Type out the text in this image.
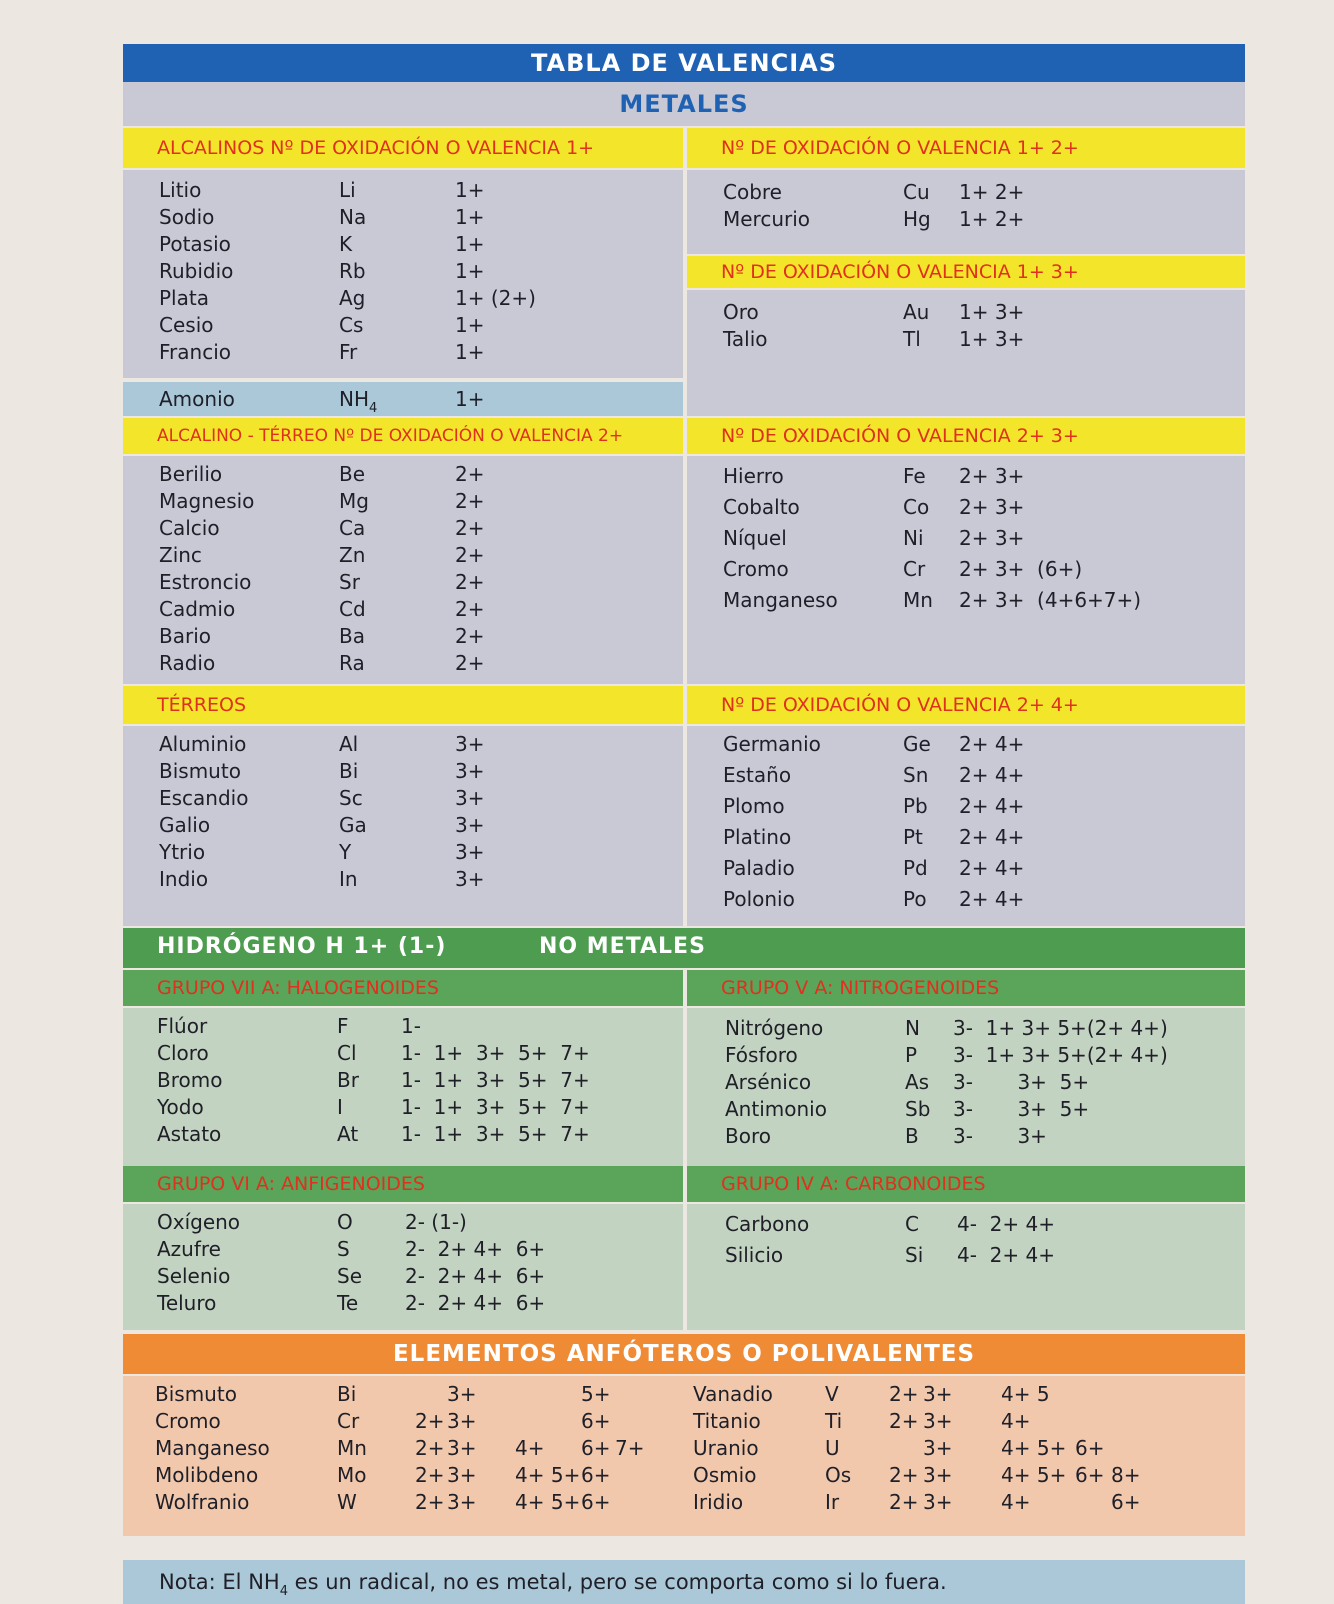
TABLA DE VALENCIAS
METALES
ALCALINOS Nº DE OXIDACIÓN O VALENCIA 1+
Litio	Li	1+
Sodio	Na	1+
Potasio	K	1+
Rubidio	Rb	1+
Plata	Ag	1+ (2+)
Cesio	Cs	1+
Francio	Fr	1+
Amonio	$NH_4$	1+
Nº DE OXIDACIÓN O VALENCIA 1+ 2+
Cobre	Cu 1+ 2+
Mercurio	Hg 1+ 2+
Nº DE OXIDACIÓN O VALENCIA 1+ 3+
Oro	Au 1+ 3+
Talio	Tl 1+ 3+
ALCALINO - TÉRREO Nº DE OXIDACIÓN O VALENCIA 2+
Berilio	Be	2+
Magnesio	Mg	2+
Calcio	Ca	2+
Zinc	Zn	2+
Estroncio	Sr	2+
Cadmio	Cd	2+
Bario	Ba	2+
Radio	Ra	2+
Nº DE OXIDACIÓN O VALENCIA 2+ 3+
Hierro	Fe 2+ 3+
Cobalto	Co 2+ 3+
Níquel	Ni 2+ 3+
Cromo	Cr 2+ 3+  (6+)
Manganeso	Mn 2+ 3+  (4+6+7+)
TÉRREOS
Aluminio	Al	3+
Bismuto	Bi	3+
Escandio	Sc	3+
Galio	Ga	3+
Ytrio	Y	3+
Indio	In	3+
Nº DE OXIDACIÓN O VALENCIA 2+ 4+
Germanio	Ge 2+ 4+
Estaño	Sn 2+ 4+
Plomo	Pb 2+ 4+
Platino	Pt 2+ 4+
Paladio	Pd 2+ 4+
Polonio	Po 2+ 4+
HIDRÓGENO H 1+ (1-)	NO METALES
GRUPO VII A: HALOGENOIDES
Flúor	F	1-
Cloro	Cl 1-  1+  3+  5+  7+
Bromo	Br 1-  1+  3+  5+  7+
Yodo	I	1-  1+  3+  5+  7+
Astato	At 1-  1+  3+  5+  7+
GRUPO V A: NITROGENOIDES
Nitrógeno	N 3-  1+ 3+ 5+(2+ 4+)
Fósforo	P 3-  1+ 3+ 5+(2+ 4+)
Arsénico	As 3-       3+  5+
Antimonio	Sb 3-       3+  5+
Boro	B 3-       3+
GRUPO VI A: ANFIGENOIDES
Oxígeno	O	2- (1-)
Azufre	S	2-  2+ 4+  6+
Selenio	Se 2-  2+ 4+  6+
Teluro	Te 2-  2+ 4+  6+
GRUPO IV A: CARBONOIDES
Carbono	C 4-  2+ 4+
Silicio	Si 4-  2+ 4+
ELEMENTOS ANFÓTEROS O POLIVALENTES
Bismuto	Bi	3+	5+
Cromo	Cr	2+ 3+	6+
Manganeso	Mn 2+ 3+ 4+ 6+ 7+
Molibdeno	Mo 2+ 3+ 4+ 5+ 6+
Wolfranio	W	2+ 3+ 4+ 5+ 6+
Vanadio	V	2+ 3+ 4+ 5
Titanio	Ti 2+ 3+ 4+
Uranio	U	3+ 4+ 5+ 6+
Osmio	Os 2+ 3+ 4+ 5+ 6+ 8+
Iridio	Ir 2+ 3+ 4+	6+
Nota: El $NH_4$ es un radical, no es metal, pero se comporta como si lo fuera.
